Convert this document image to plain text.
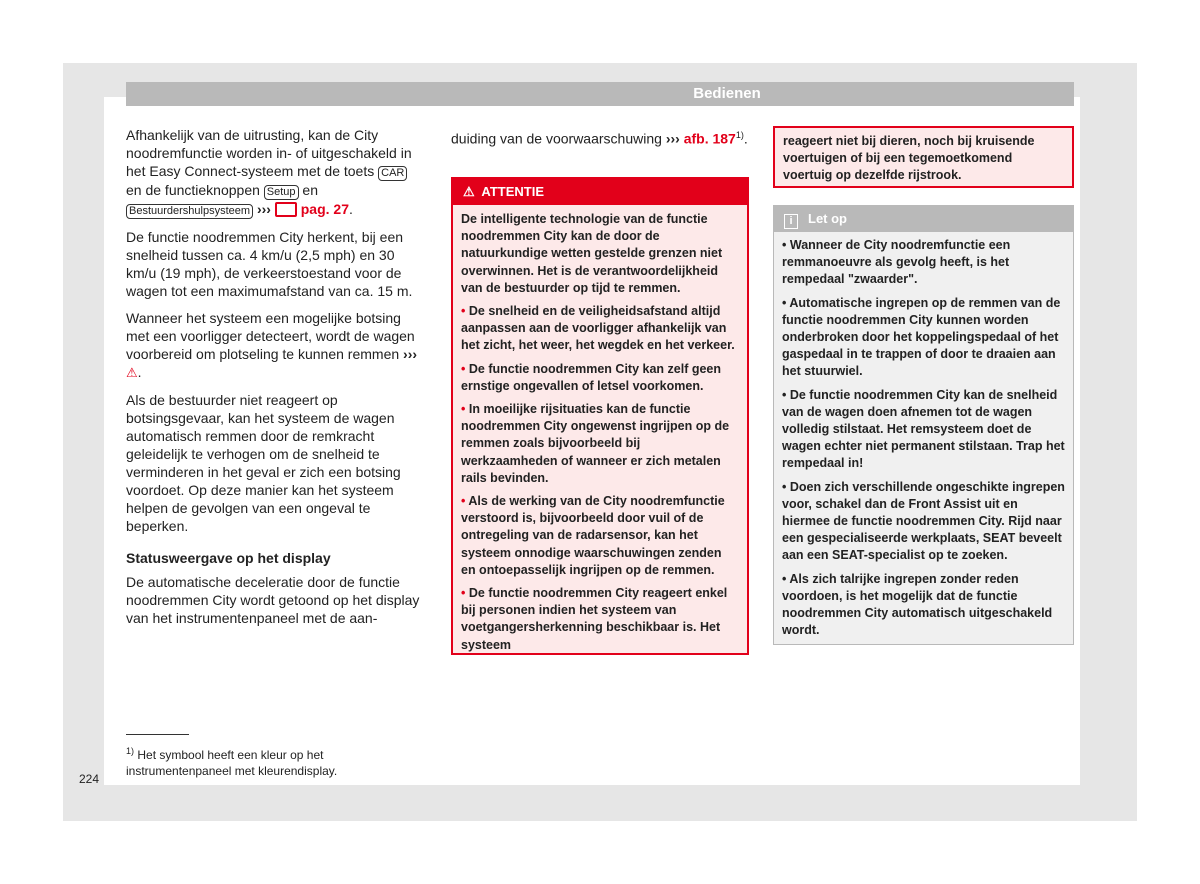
Bedienen

Afhankelijk van de uitrusting, kan de City noodremfunctie worden in- of uitgeschakeld in het Easy Connect-systeem met de toets CAR en de functieknoppen Setup en Bestuurdershulpsysteem ››› pag. 27.

De functie noodremmen City herkent, bij een snelheid tussen ca. 4 km/u (2,5 mph) en 30 km/u (19 mph), de verkeerstoestand voor de wagen tot een maximumafstand van ca. 15 m.

Wanneer het systeem een mogelijke botsing met een voorligger detecteert, wordt de wagen voorbereid om plotseling te kunnen remmen ››› ⚠.

Als de bestuurder niet reageert op botsingsgevaar, kan het systeem de wagen automatisch remmen door de remkracht geleidelijk te verhogen om de snelheid te verminderen in het geval er zich een botsing voordoet. Op deze manier kan het systeem helpen de gevolgen van een ongeval te beperken.

Statusweergave op het display

De automatische deceleratie door de functie noodremmen City wordt getoond op het display van het instrumentenpaneel met de aan-

duiding van de voorwaarschuwing ››› afb. 187$^{1)}$.

⚠ ATTENTIE

De intelligente technologie van de functie noodremmen City kan de door de natuurkundige wetten gestelde grenzen niet overwinnen. Het is de verantwoordelijkheid van de bestuurder op tijd te remmen.

• De snelheid en de veiligheidsafstand altijd aanpassen aan de voorligger afhankelijk van het zicht, het weer, het wegdek en het verkeer.

• De functie noodremmen City kan zelf geen ernstige ongevallen of letsel voorkomen.

• In moeilijke rijsituaties kan de functie noodremmen City ongewenst ingrijpen op de remmen zoals bijvoorbeeld bij werkzaamheden of wanneer er zich metalen rails bevinden.

• Als de werking van de City noodremfunctie verstoord is, bijvoorbeeld door vuil of de ontregeling van de radarsensor, kan het systeem onnodige waarschuwingen zenden en ontoepasselijk ingrijpen op de remmen.

• De functie noodremmen City reageert enkel bij personen indien het systeem van voetgangersherkenning beschikbaar is. Het systeem

reageert niet bij dieren, noch bij kruisende voertuigen of bij een tegemoetkomend voertuig op dezelfde rijstrook.
i Let op

• Wanneer de City noodremfunctie een remmanoeuvre als gevolg heeft, is het rempedaal "zwaarder".

• Automatische ingrepen op de remmen van de functie noodremmen City kunnen worden onderbroken door het koppelingspedaal of het gaspedaal in te trappen of door te draaien aan het stuurwiel.

• De functie noodremmen City kan de snelheid van de wagen doen afnemen tot de wagen volledig stilstaat. Het remsysteem doet de wagen echter niet permanent stilstaan. Trap het rempedaal in!

• Doen zich verschillende ongeschikte ingrepen voor, schakel dan de Front Assist uit en hiermee de functie noodremmen City. Rijd naar een gespecialiseerde werkplaats, SEAT beveelt aan een SEAT-specialist op te zoeken.

• Als zich talrijke ingrepen zonder reden voordoen, is het mogelijk dat de functie noodremmen City automatisch uitgeschakeld wordt.

$^{1)}$ Het symbool heeft een kleur op het instrumentenpaneel met kleurendisplay.
224
